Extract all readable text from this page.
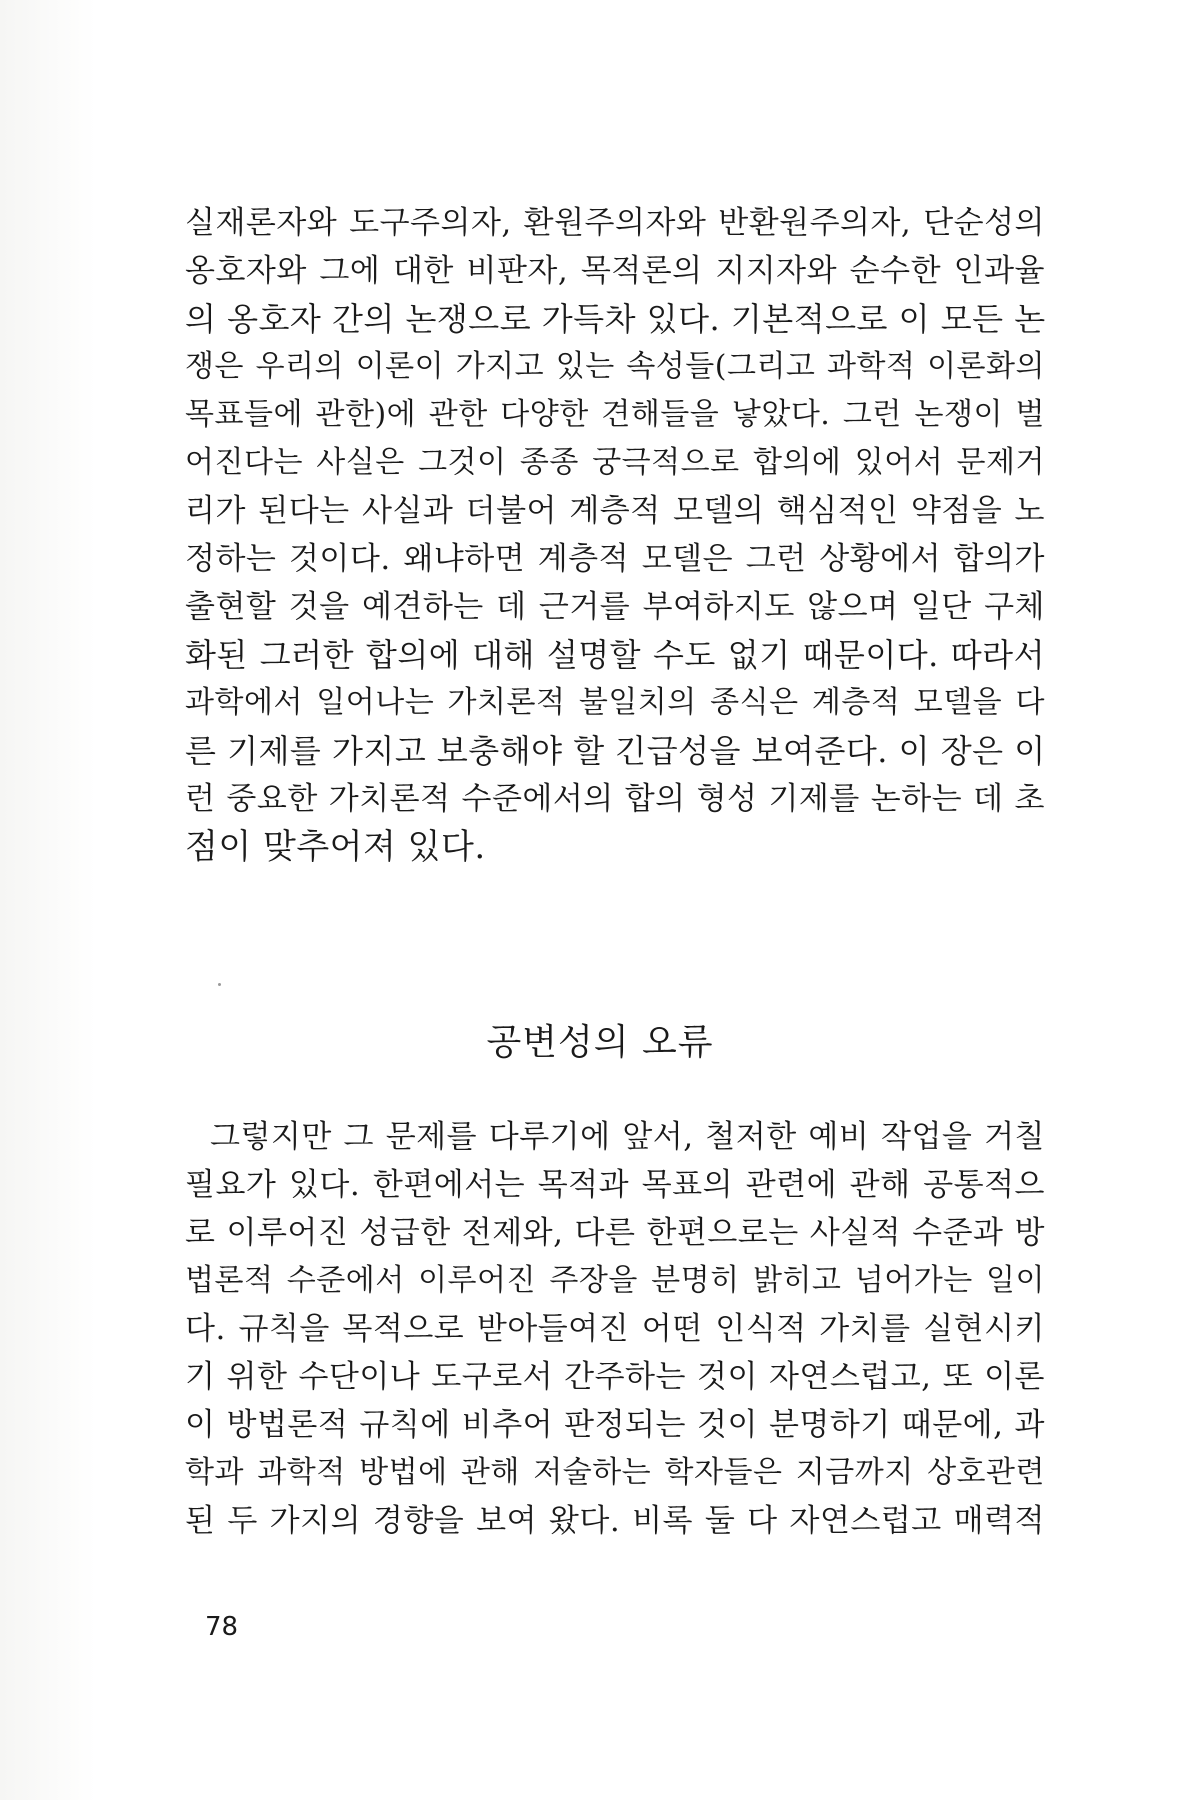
실재론자와 도구주의자, 환원주의자와 반환원주의자, 단순성의
옹호자와 그에 대한 비판자, 목적론의 지지자와 순수한 인과율
의 옹호자 간의 논쟁으로 가득차 있다. 기본적으로 이 모든 논
쟁은 우리의 이론이 가지고 있는 속성들(그리고 과학적 이론화의
목표들에 관한)에 관한 다양한 견해들을 낳았다. 그런 논쟁이 벌
어진다는 사실은 그것이 종종 궁극적으로 합의에 있어서 문제거
리가 된다는 사실과 더불어 계층적 모델의 핵심적인 약점을 노
정하는 것이다. 왜냐하면 계층적 모델은 그런 상황에서 합의가
출현할 것을 예견하는 데 근거를 부여하지도 않으며 일단 구체
화된 그러한 합의에 대해 설명할 수도 없기 때문이다. 따라서
과학에서 일어나는 가치론적 불일치의 종식은 계층적 모델을 다
른 기제를 가지고 보충해야 할 긴급성을 보여준다. 이 장은 이
런 중요한 가치론적 수준에서의 합의 형성 기제를 논하는 데 초
점이 맞추어져 있다.
공변성의 오류
그렇지만 그 문제를 다루기에 앞서, 철저한 예비 작업을 거칠
필요가 있다. 한편에서는 목적과 목표의 관련에 관해 공통적으
로 이루어진 성급한 전제와, 다른 한편으로는 사실적 수준과 방
법론적 수준에서 이루어진 주장을 분명히 밝히고 넘어가는 일이
다. 규칙을 목적으로 받아들여진 어떤 인식적 가치를 실현시키
기 위한 수단이나 도구로서 간주하는 것이 자연스럽고, 또 이론
이 방법론적 규칙에 비추어 판정되는 것이 분명하기 때문에, 과
학과 과학적 방법에 관해 저술하는 학자들은 지금까지 상호관련
된 두 가지의 경향을 보여 왔다. 비록 둘 다 자연스럽고 매력적
78
